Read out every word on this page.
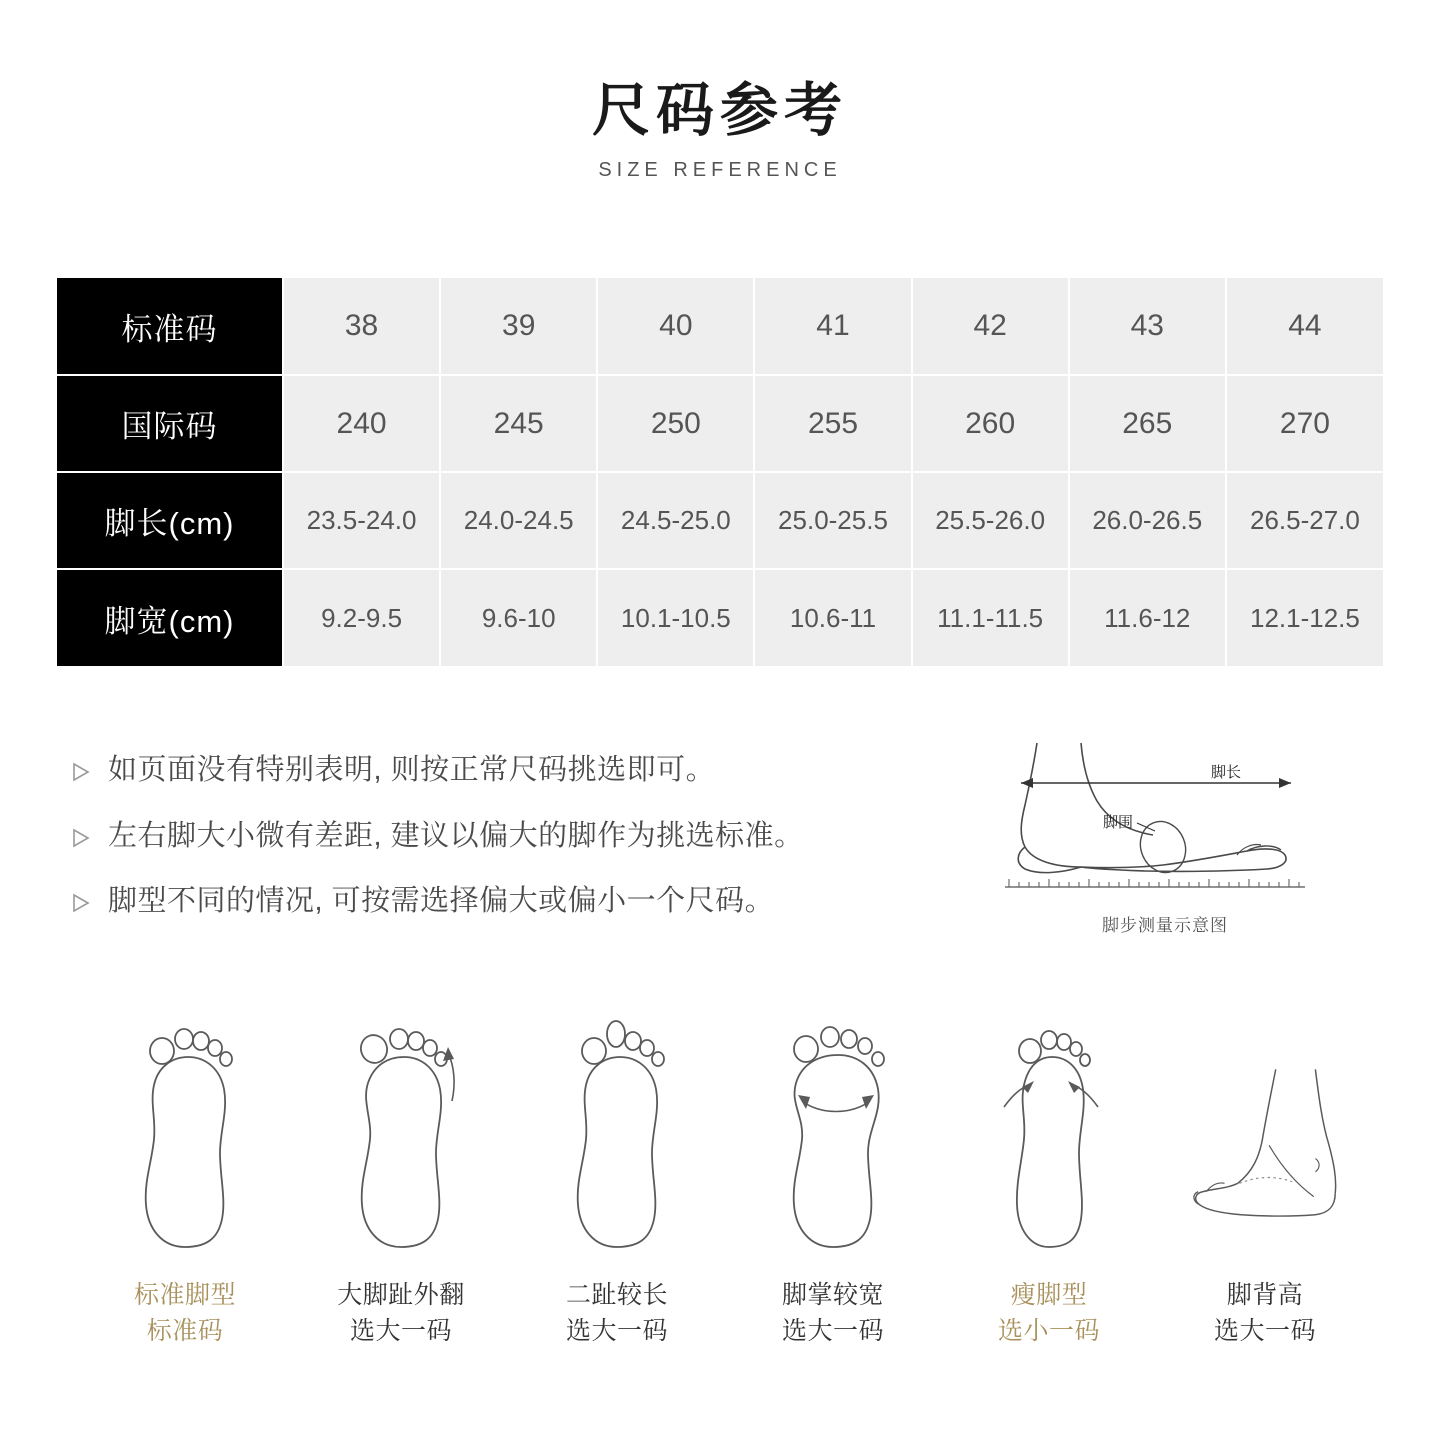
尺码参考
SIZE REFERENCE
标准码	38	39	40	41	42	43	44
国际码	240	245	250	255	260	265	270
脚长(cm)	23.5-24.0	24.0-24.5	24.5-25.0	25.0-25.5	25.5-26.0	26.0-26.5	26.5-27.0
脚宽(cm)	9.2-9.5	9.6-10	10.1-10.5	10.6-11	11.1-11.5	11.6-12	12.1-12.5
如页面没有特别表明, 则按正常尺码挑选即可。
左右脚大小微有差距, 建议以偏大的脚作为挑选标准。
脚型不同的情况, 可按需选择偏大或偏小一个尺码。
脚长
脚围
脚步测量示意图
标准脚型
标准码
大脚趾外翻
选大一码
二趾较长
选大一码
脚掌较宽
选大一码
瘦脚型
选小一码
脚背高
选大一码
